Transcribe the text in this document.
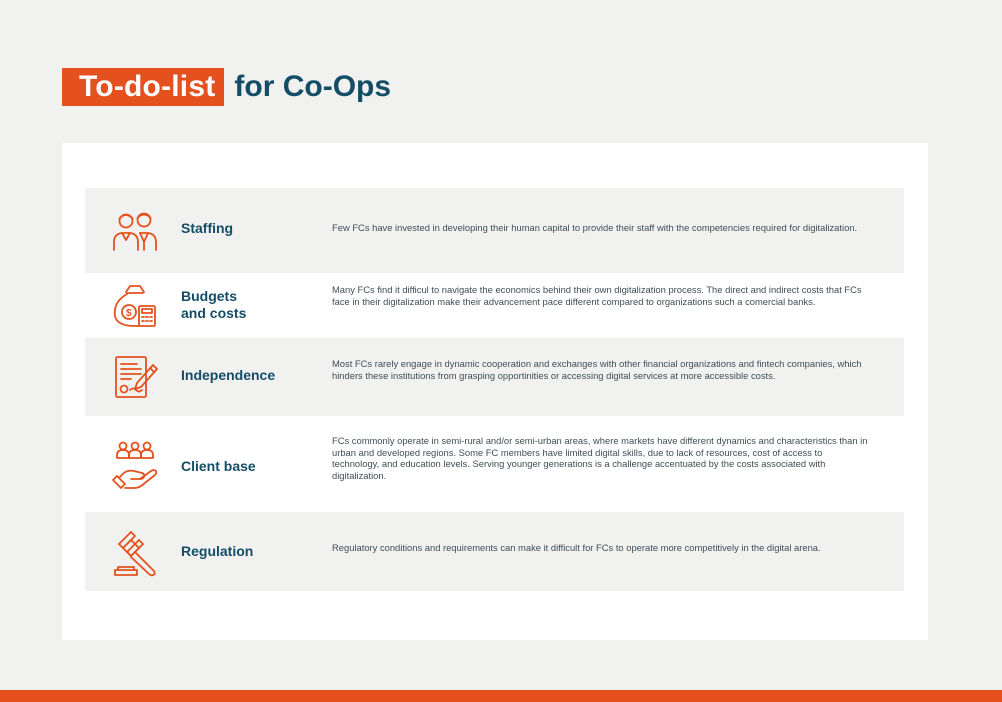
To-do-list for Co-Ops
Staffing	Few FCs have invested in developing their human capital to provide their staff with the competencies required for digitalization.
$
Budgets
and costs
Many FCs find it difficul to navigate the economics behind their own digitalization process. The direct and indirect costs that FCs face in their digitalization make their advancement pace different compared to organizations such a comercial banks.
Independence
Most FCs rarely engage in dynamic cooperation and exchanges with other financial organizations and fintech companies, which hinders these institutions from grasping opportinities or accessing digital services at more accessible costs.
Client base
FCs commonly operate in semi-rural and/or semi-urban areas, where markets have different dynamics and characteristics than in urban and developed regions. Some FC members have limited digital skills, due to lack of resources, cost of access to technology, and education levels. Serving younger generations is a challenge accentuated by the costs associated with digitalization.
Regulation	Regulatory conditions and requirements can make it difficult for FCs to operate more competitively in the digital arena.
